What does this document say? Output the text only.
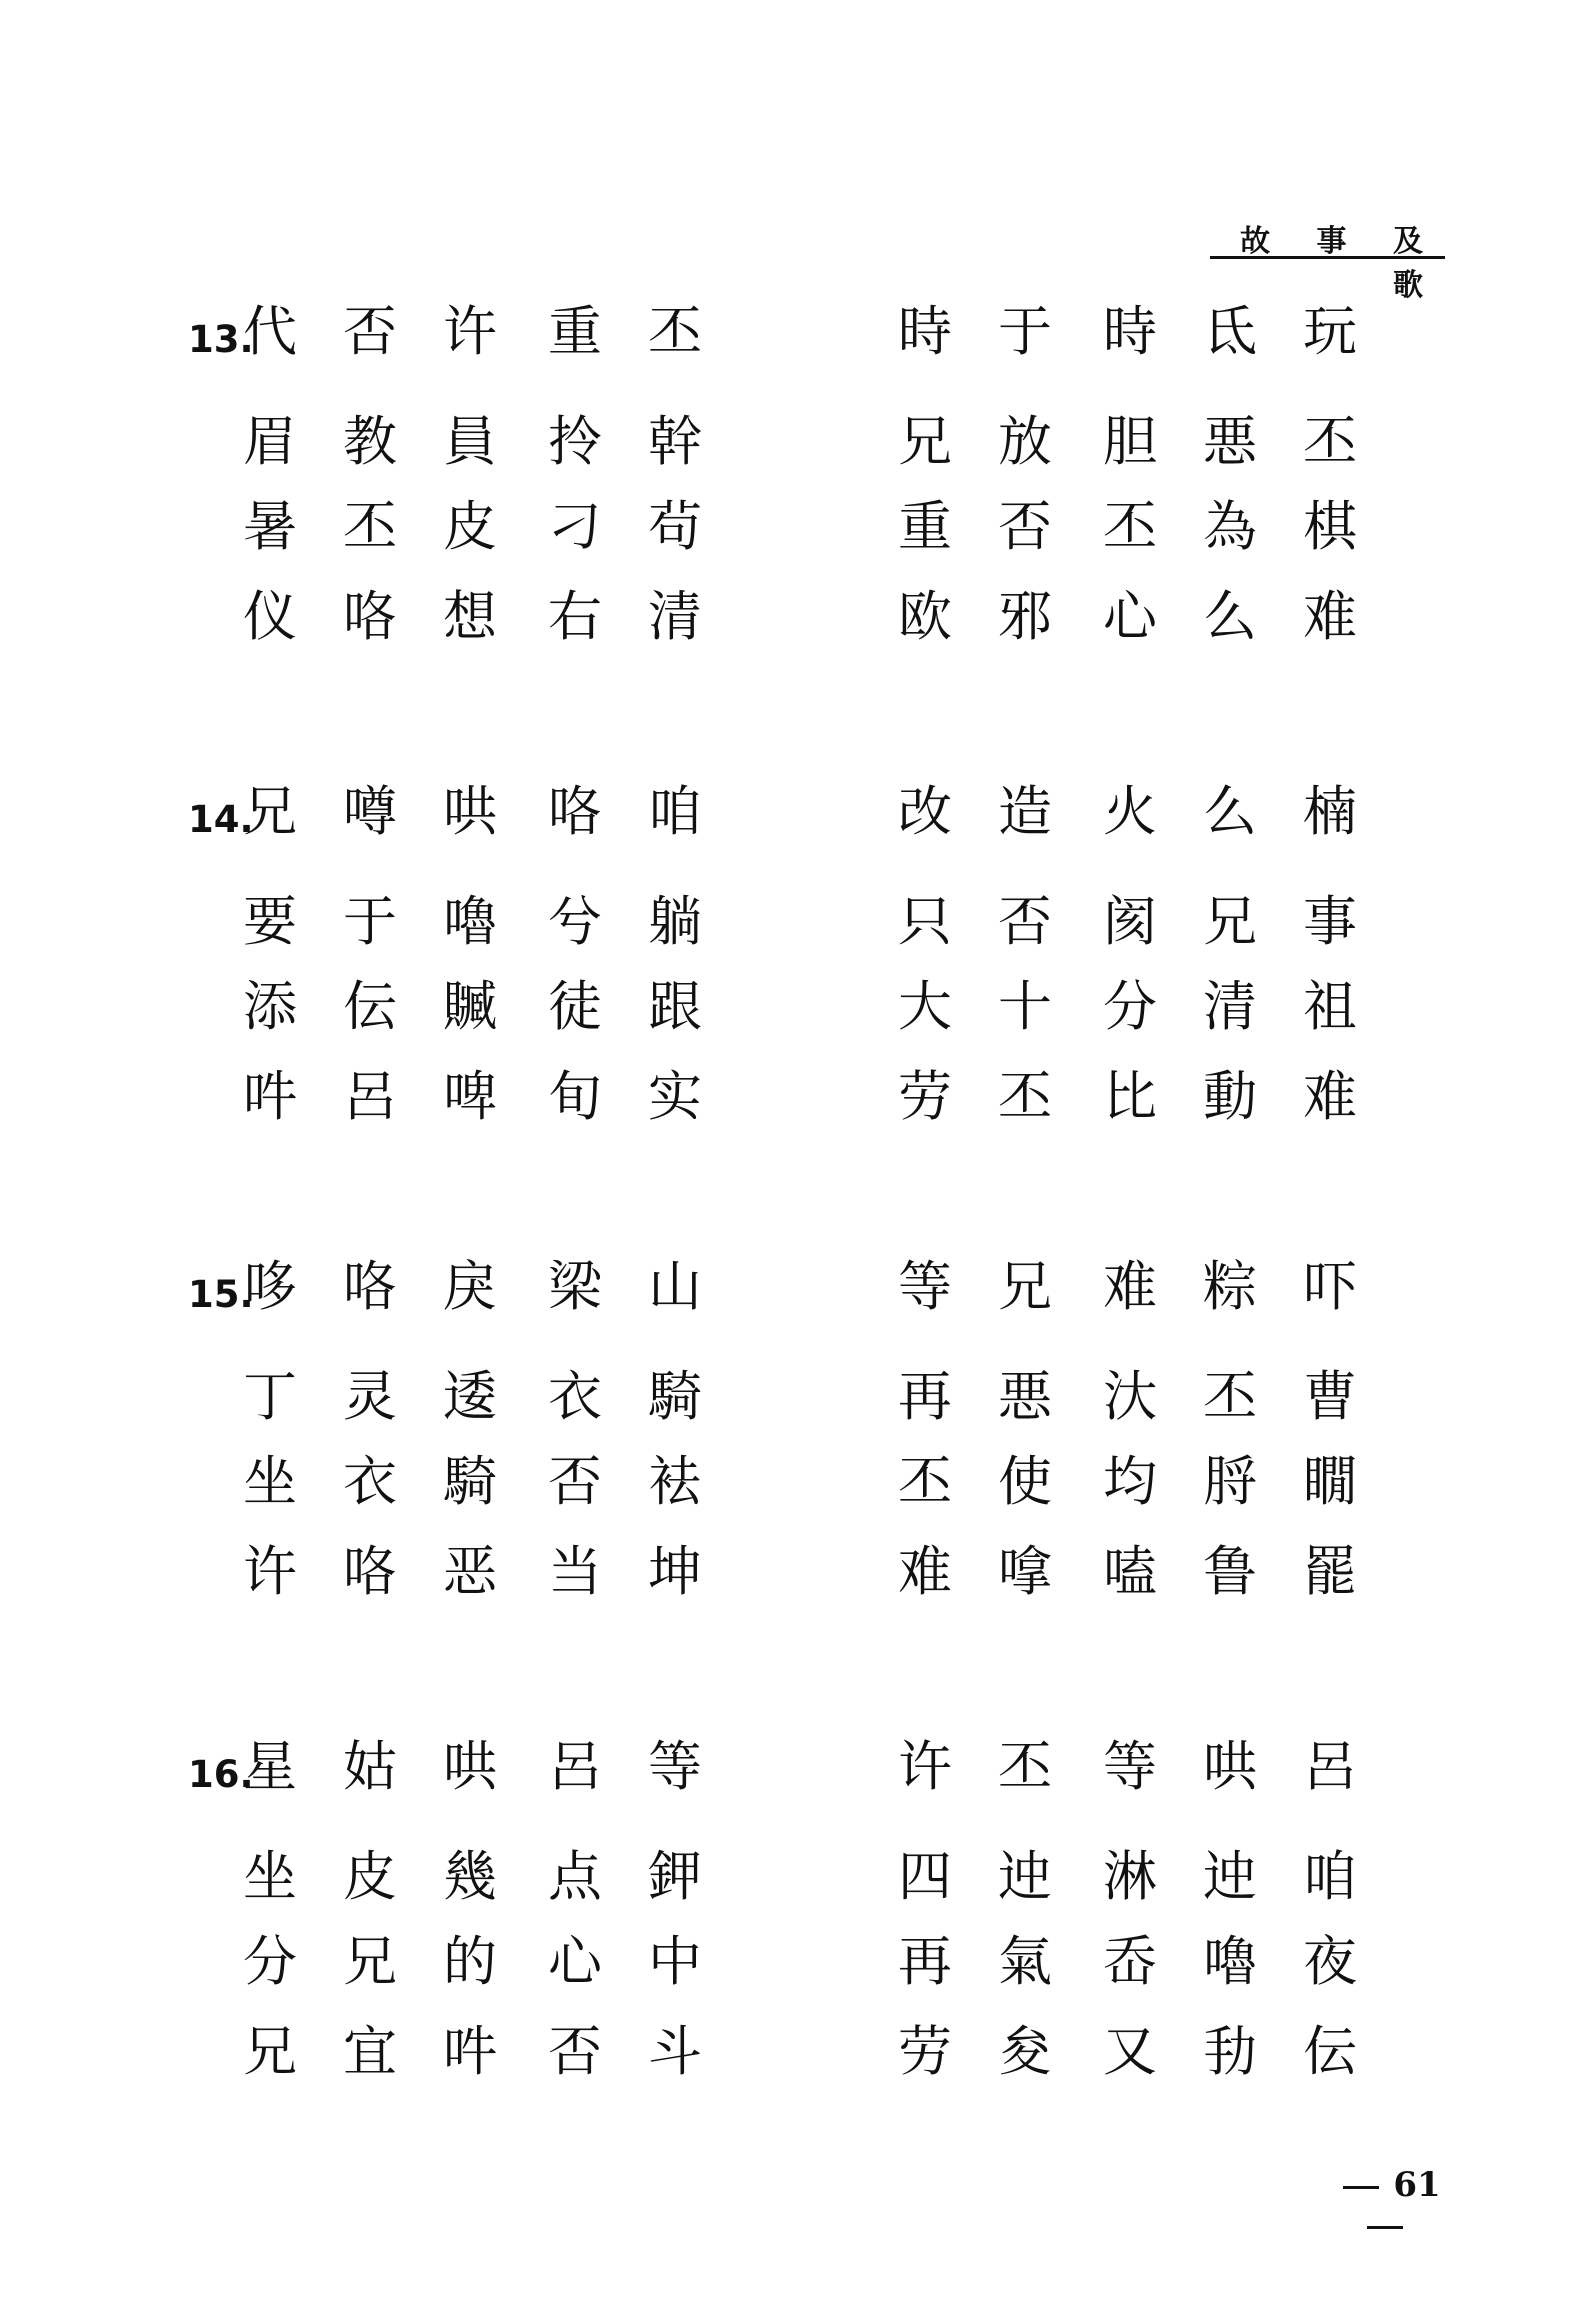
故 事 及 歌
13.
代 否 许 重 丕
眉 教 員 拎 幹
暑 丕 皮 刁 茍
仪 咯 想 右 清
時 于 時 氐 玩
兄 放 胆 悪 丕
重 否 丕 為 棋
欧 邪 心 么 难
14.
兄 噂 哄 咯 咱
要 于 嚕 兮 躺
添 伝 贓 徒 跟
吽 呂 啤 旬 实
改 造 火 么 楠
只 否 阂 兄 事
大 十 分 清 祖
劳 丕 比 動 难
15.
哆 咯 戾 梁 山
丁 灵 逶 衣 騎
坐 衣 騎 否 袪
许 咯 恶 当 坤
等 兄 难 粽 吓
再 悪 汏 丕 曹
丕 使 均 脟 瞯
难 嗱 嗑 鲁 罷
16.
星 姑 哄 呂 等
坐 皮 幾 点 鉀
分 兄 的 心 中
兄 宜 吽 否 斗
许 丕 等 哄 呂
四 迚 淋 迚 咱
再 氣 岙 嚕 夜
劳 夋 又 劧 伝
61
